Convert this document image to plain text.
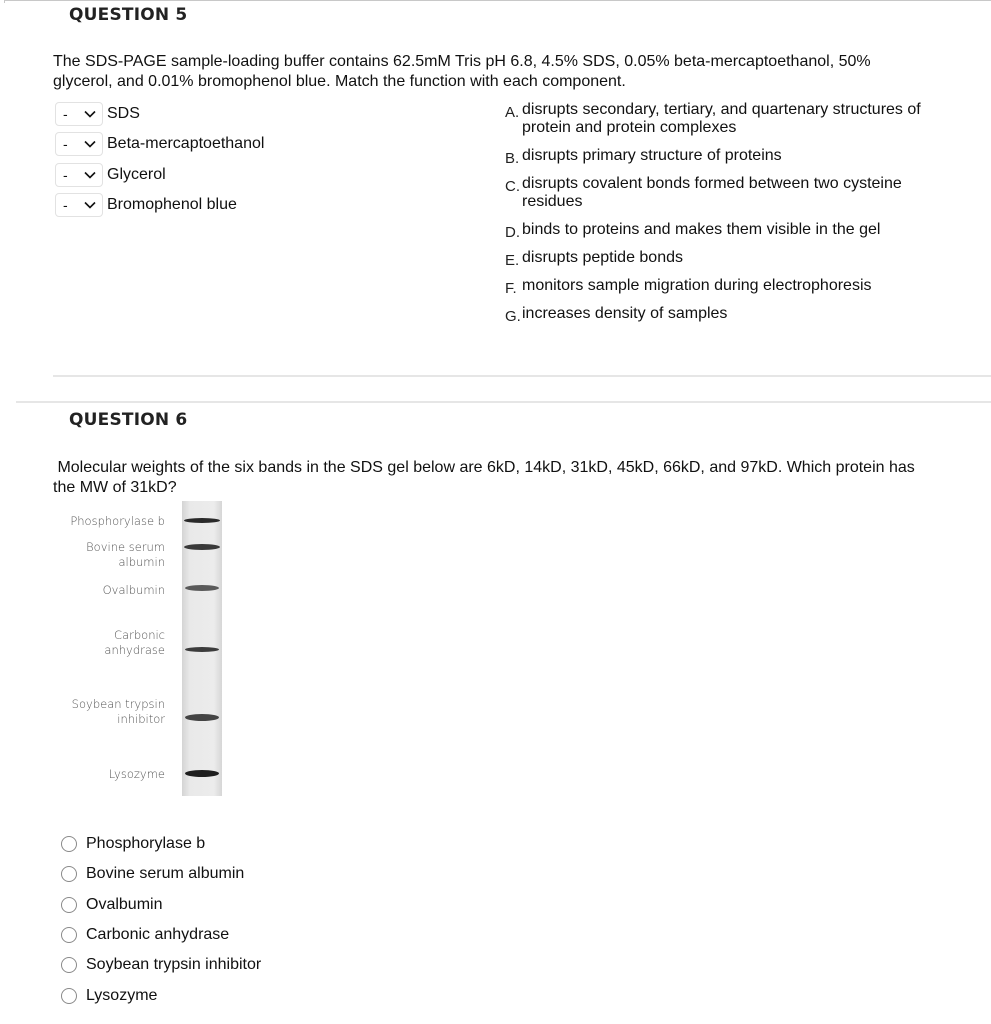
QUESTION 5
The SDS-PAGE sample-loading buffer contains 62.5mM Tris pH 6.8, 4.5% SDS, 0.05% beta-mercaptoethanol, 50%
glycerol, and 0.01% bromophenol blue. Match the function with each component.
- SDS
- Beta-mercaptoethanol
- Glycerol
- Bromophenol blue
A. disrupts secondary, tertiary, and quartenary structures of protein and protein complexes
B. disrupts primary structure of proteins
C. disrupts covalent bonds formed between two cysteine residues
D. binds to proteins and makes them visible in the gel
E. disrupts peptide bonds
F. monitors sample migration during electrophoresis
G. increases density of samples
QUESTION 6
Molecular weights of the six bands in the SDS gel below are 6kD, 14kD, 31kD, 45kD, 66kD, and 97kD. Which protein has
the MW of 31kD?
Phosphorylase b
Bovine serum
albumin
Ovalbumin
Carbonic
anhydrase
Soybean trypsin
inhibitor
Lysozyme
Phosphorylase b
Bovine serum albumin
Ovalbumin
Carbonic anhydrase
Soybean trypsin inhibitor
Lysozyme
